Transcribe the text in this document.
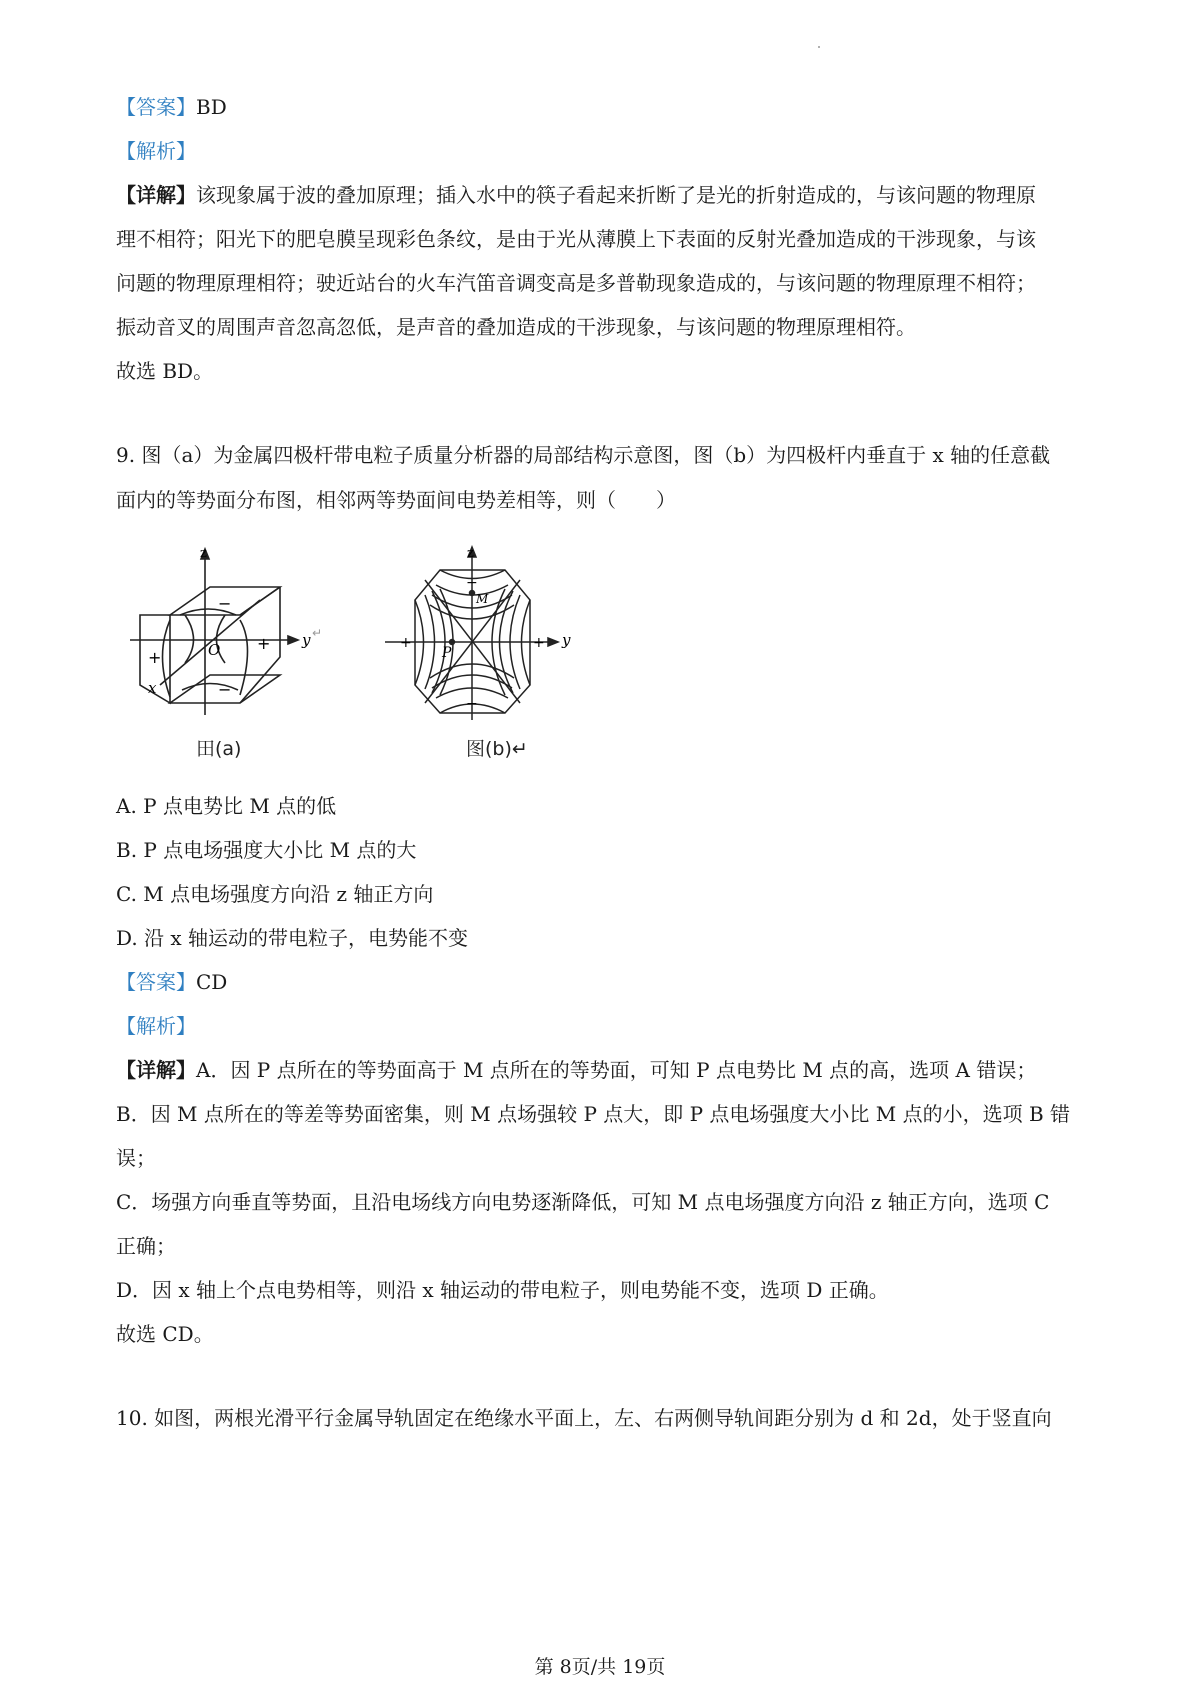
【答案】BD
【解析】
【详解】该现象属于波的叠加原理；插入水中的筷子看起来折断了是光的折射造成的，与该问题的物理原
理不相符；阳光下的肥皂膜呈现彩色条纹，是由于光从薄膜上下表面的反射光叠加造成的干涉现象，与该
问题的物理原理相符；驶近站台的火车汽笛音调变高是多普勒现象造成的，与该问题的物理原理不相符；
振动音叉的周围声音忽高忽低，是声音的叠加造成的干涉现象，与该问题的物理原理相符。
故选 BD。
9. 图（a）为金属四极杆带电粒子质量分析器的局部结构示意图，图（b）为四极杆内垂直于 x 轴的任意截
面内的等势面分布图，相邻两等势面间电势差相等，则（　　）
z
y
x
O
−
−
+
+
↵
田(a)
z
y
M
P
−
−
+	+
图(b)↵
A. P 点电势比 M 点的低
B. P 点电场强度大小比 M 点的大
C. M 点电场强度方向沿 z 轴正方向
D. 沿 x 轴运动的带电粒子，电势能不变
【答案】CD
【解析】
【详解】A．因 P 点所在的等势面高于 M 点所在的等势面，可知 P 点电势比 M 点的高，选项 A 错误；
B．因 M 点所在的等差等势面密集，则 M 点场强较 P 点大，即 P 点电场强度大小比 M 点的小，选项 B 错
误；
C．场强方向垂直等势面，且沿电场线方向电势逐渐降低，可知 M 点电场强度方向沿 z 轴正方向，选项 C
正确；
D．因 x 轴上个点电势相等，则沿 x 轴运动的带电粒子，则电势能不变，选项 D 正确。
故选 CD。
10. 如图，两根光滑平行金属导轨固定在绝缘水平面上，左、右两侧导轨间距分别为 d 和 2d，处于竖直向
第 8页/共 19页
